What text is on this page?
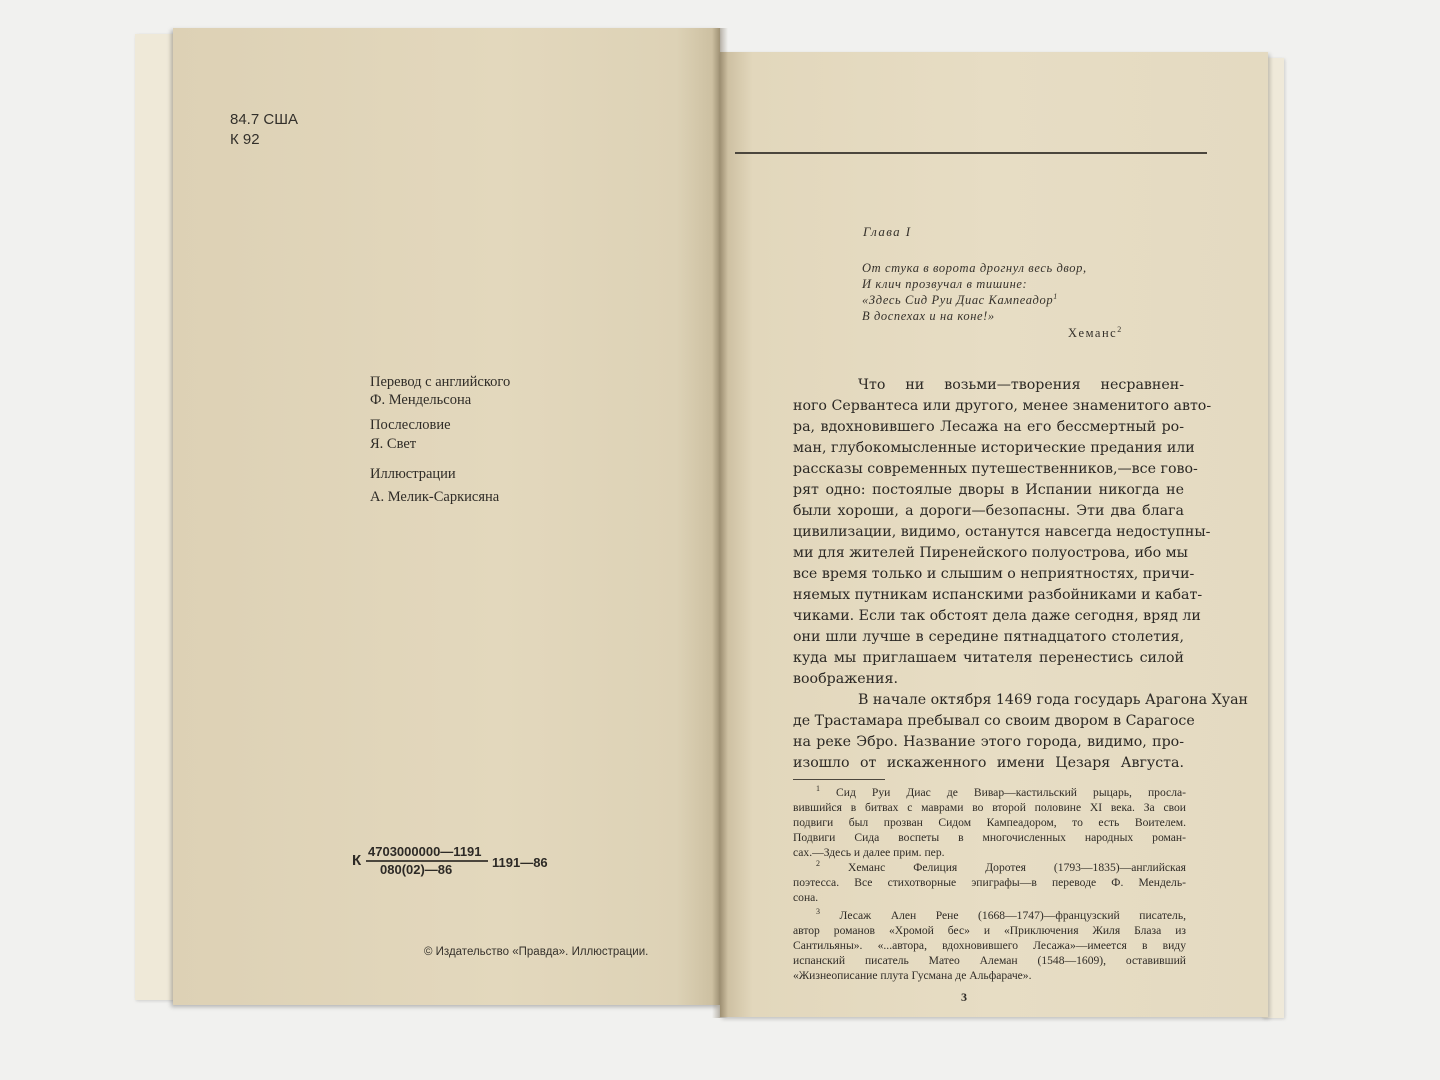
84.7 США
К 92
Перевод с английского
Ф. Мендельсона
Послесловие
Я. Свет
Иллюстрации
А. Мелик-Саркисяна
К
4703000000—1191
080(02)—86	1191—86
© Издательство «Правда». Иллюстрации.
Глава I
От стука в ворота дрогнул весь двор,
И клич прозвучал в тишине:
«Здесь Сид Руи Диас Кампеадор$^1$
В доспехах и на коне!»
Хеманс$^2$
Что ни возьми—творения несравнен-
ного Сервантеса или другого, менее знаменитого авто-
ра, вдохновившего Лесажа на его бессмертный ро-
ман, глубокомысленные исторические предания или
рассказы современных путешественников,—все гово-
рят одно: постоялые дворы в Испании никогда не
были хороши, а дороги—безопасны. Эти два блага
цивилизации, видимо, останутся навсегда недоступны-
ми для жителей Пиренейского полуострова, ибо мы
все время только и слышим о неприятностях, причи-
няемых путникам испанскими разбойниками и кабат-
чиками. Если так обстоят дела даже сегодня, вряд ли
они шли лучше в середине пятнадцатого столетия,
куда мы приглашаем читателя перенестись силой
воображения.
В начале октября 1469 года государь Арагона Хуан
де Трастамара пребывал со своим двором в Сарагосе
на реке Эбро. Название этого города, видимо, про-
изошло от искаженного имени Цезаря Августа.
$^1$ Сид Руи Диас де Вивар—кастильский рыцарь, просла-
вившийся в битвах с маврами во второй половине XI века. За свои
подвиги был прозван Сидом Кампеадором, то есть Воителем.
Подвиги Сида воспеты в многочисленных народных роман-
сах.—Здесь и далее прим. пер.
$^2$ Хеманс Фелиция Доротея (1793—1835)—английская
поэтесса. Все стихотворные эпиграфы—в переводе Ф. Мендель-
сона.
$^3$ Лесаж Ален Рене (1668—1747)—французский писатель,
автор романов «Хромой бес» и «Приключения Жиля Блаза из
Сантильяны». «...автора, вдохновившего Лесажа»—имеется в виду
испанский писатель Матео Алеман (1548—1609), оставивший
«Жизнеописание плута Гусмана де Альфараче».
3
